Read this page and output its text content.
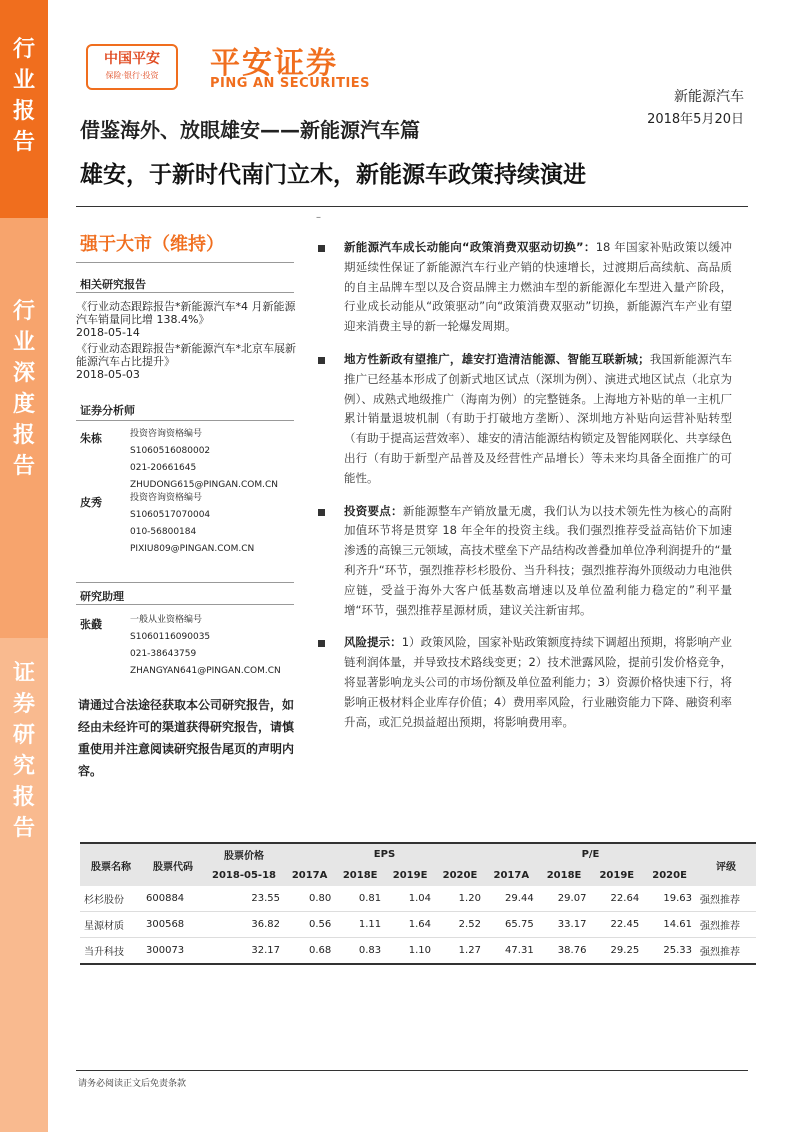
行
业
报
告
行
业
深
度
报
告
证
券
研
究
报
告
中国平安
保险·银行·投资	平安证券
PING AN SECURITIES
新能源汽车
2018年5月20日
借鉴海外、放眼雄安——新能源汽车篇
雄安，于新时代南门立木，新能源车政策持续演进
–
强于大市（维持）
相关研究报告
《行业动态跟踪报告*新能源汽车*4 月新能源汽车销量同比增 138.4%》
2018-05-14
《行业动态跟踪报告*新能源汽车*北京车展新能源汽车占比提升》
2018-05-03
证券分析师
朱栋	投资咨询资格编号
S1060516080002
021-20661645
ZHUDONG615@PINGAN.COM.CN
皮秀	投资咨询资格编号
S1060517070004
010-56800184
PIXIU809@PINGAN.COM.CN
研究助理
张鼗	一般从业资格编号
S1060116090035
021-38643759
ZHANGYAN641@PINGAN.COM.CN
请通过合法途径获取本公司研究报告，如经由未经许可的渠道获得研究报告，请慎重使用并注意阅读研究报告尾页的声明内容。
新能源汽车成长动能向“政策消费双驱动切换”：18 年国家补贴政策以缓冲期延续性保证了新能源汽车行业产销的快速增长，过渡期后高续航、高品质的自主品牌车型以及合资品牌主力燃油车型的新能源化车型进入量产阶段，行业成长动能从“政策驱动”向“政策消费双驱动”切换，新能源汽车产业有望迎来消费主导的新一轮爆发周期。
地方性新政有望推广，雄安打造清洁能源、智能互联新城；我国新能源汽车推广已经基本形成了创新式地区试点（深圳为例）、演进式地区试点（北京为例）、成熟式地级推广（海南为例）的完整链条。上海地方补贴的单一主机厂累计销量退坡机制（有助于打破地方垄断）、深圳地方补贴向运营补贴转型（有助于提高运营效率）、雄安的清洁能源结构锁定及智能网联化、共享绿色出行（有助于新型产品普及及经营性产品增长）等未来均具备全面推广的可能性。
投资要点：新能源整车产销放量无虞，我们认为以技术领先性为核心的高附加值环节将是贯穿 18 年全年的投资主线。我们强烈推荐受益高钴价下加速渗透的高镍三元领域，高技术壁垒下产品结构改善叠加单位净利润提升的“量利齐升“环节，强烈推荐杉杉股份、当升科技；强烈推荐海外顶级动力电池供应链，受益于海外大客户低基数高增速以及单位盈利能力稳定的”利平量增“环节，强烈推荐星源材质，建议关注新宙邦。
风险提示：1）政策风险，国家补贴政策额度持续下调超出预期，将影响产业链利润体量，并导致技术路线变更；2）技术泄露风险，提前引发价格竞争，将显著影响龙头公司的市场份额及单位盈利能力；3）资源价格快速下行，将影响正极材料企业库存价值；4）费用率风险，行业融资能力下降、融资利率升高，或汇兑损益超出预期，将影响费用率。
股票名称	股票代码	股票价格	EPS				P/E				评级
		2018-05-18	2017A	2018E	2019E	2020E	2017A	2018E	2019E	2020E	
杉杉股份	600884	23.55	0.80	0.81	1.04	1.20	29.44	29.07	22.64	19.63	强烈推荐
星源材质	300568	36.82	0.56	1.11	1.64	2.52	65.75	33.17	22.45	14.61	强烈推荐
当升科技	300073	32.17	0.68	0.83	1.10	1.27	47.31	38.76	29.25	25.33	强烈推荐
请务必阅读正文后免责条款
